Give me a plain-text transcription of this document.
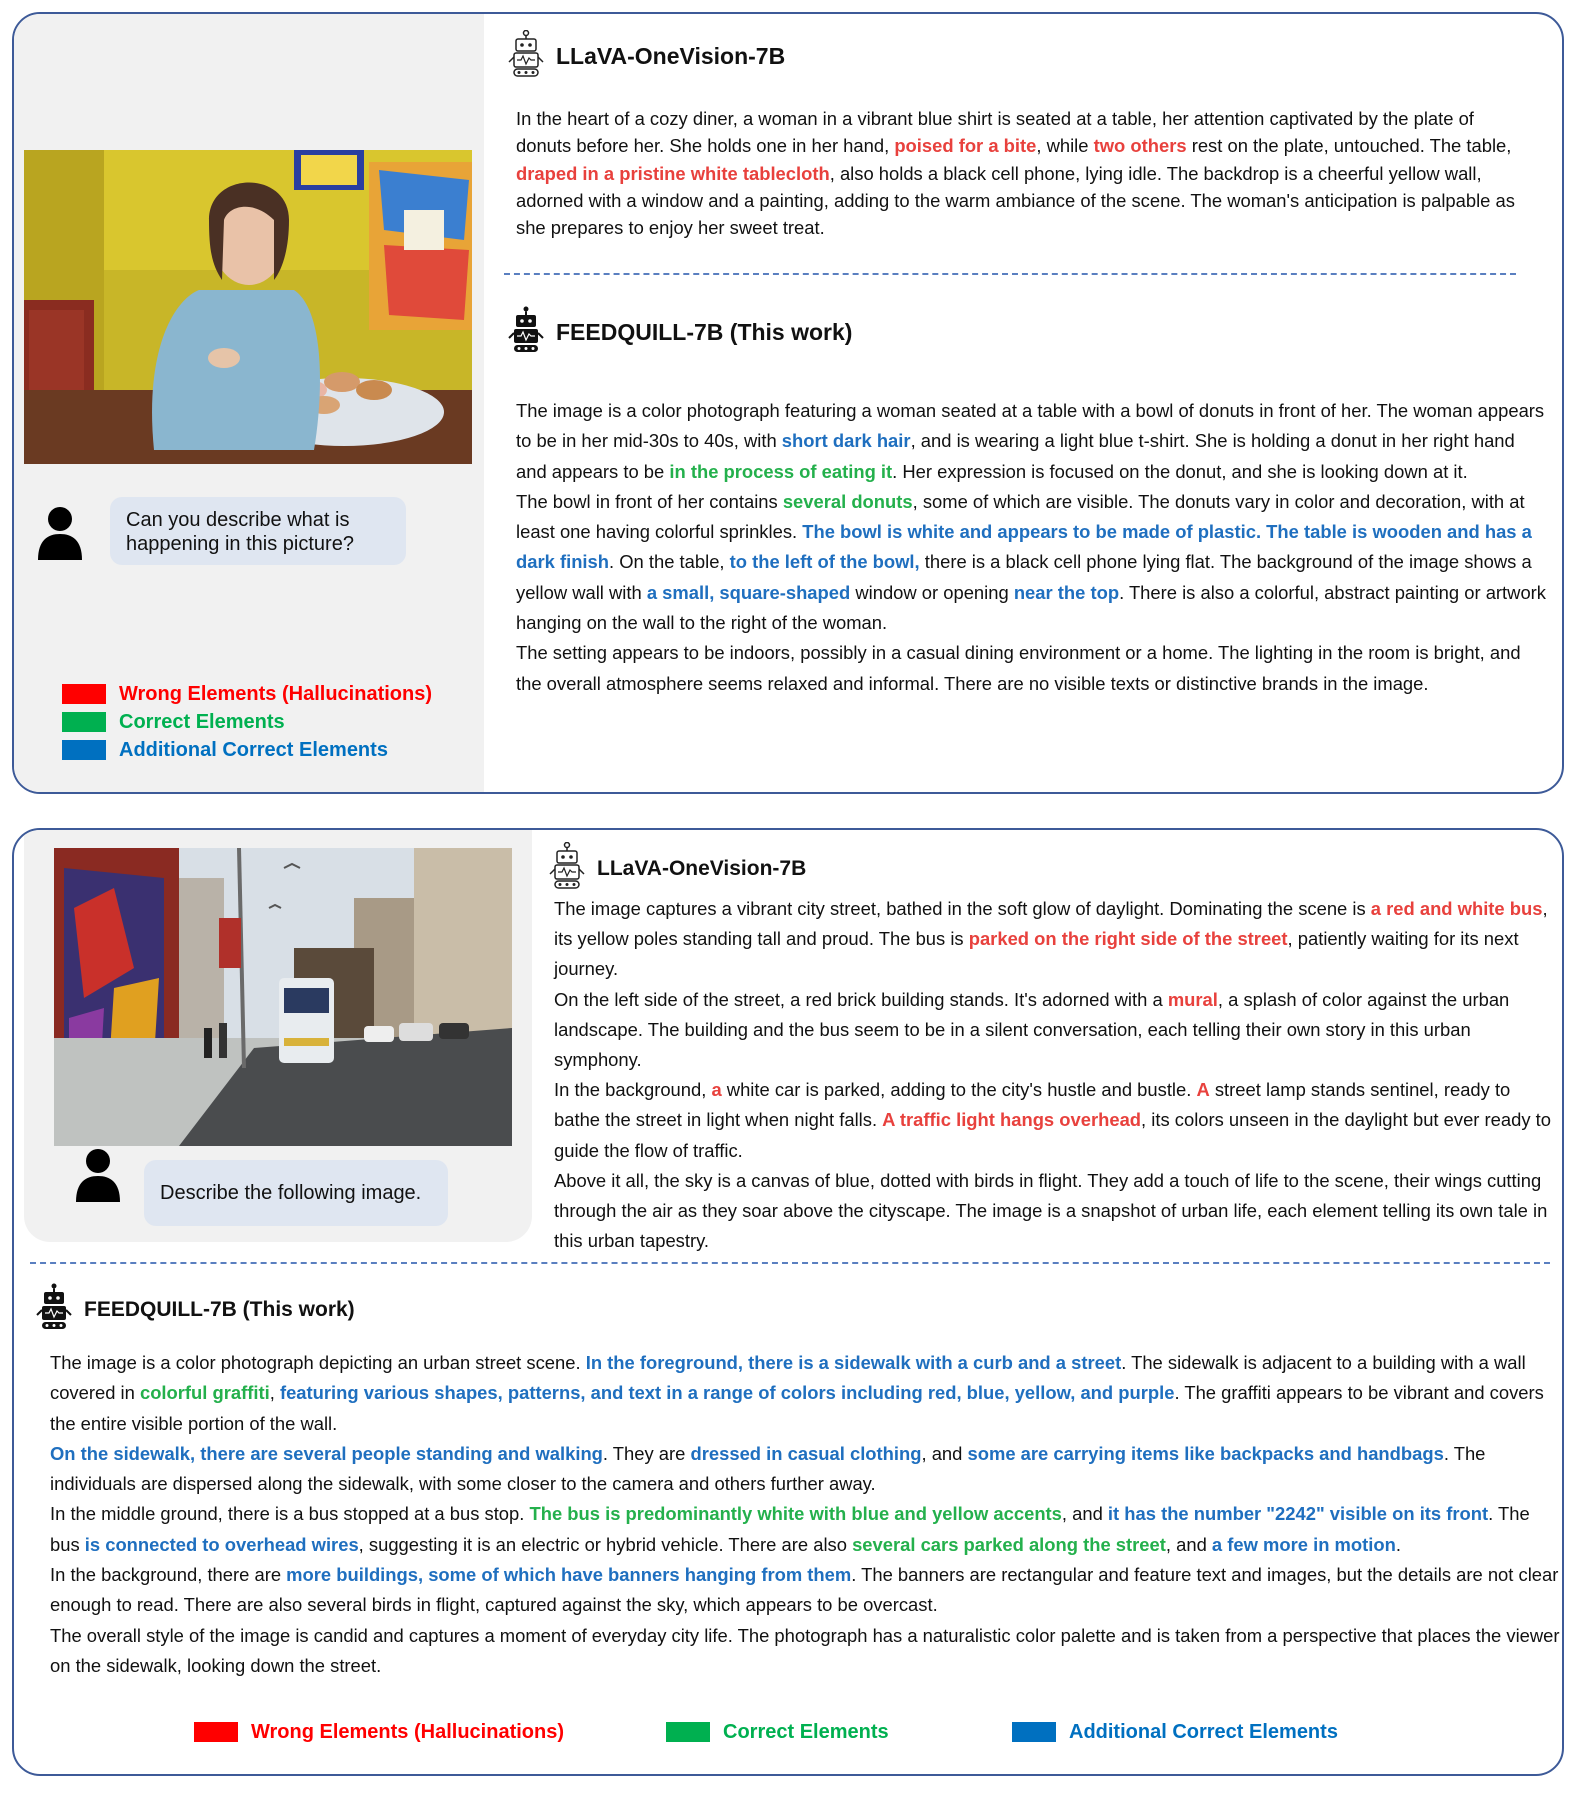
Can you describe what is happening in this picture?
Wrong Elements (Hallucinations)
Correct Elements
Additional Correct Elements
LLaVA-OneVision-7B

In the heart of a cozy diner, a woman in a vibrant blue shirt is seated at a table, her attention captivated by the plate of donuts before her. She holds one in her hand, poised for a bite, while two others rest on the plate, untouched. The table, draped in a pristine white tablecloth, also holds a black cell phone, lying idle. The backdrop is a cheerful yellow wall, adorned with a window and a painting, adding to the warm ambiance of the scene. The woman's anticipation is palpable as she prepares to enjoy her sweet treat.

FEEDQUILL-7B (This work)

The image is a color photograph featuring a woman seated at a table with a bowl of donuts in front of her. The woman appears to be in her mid-30s to 40s, with short dark hair, and is wearing a light blue t-shirt. She is holding a donut in her right hand and appears to be in the process of eating it. Her expression is focused on the donut, and she is looking down at it.

The bowl in front of her contains several donuts, some of which are visible. The donuts vary in color and decoration, with at least one having colorful sprinkles. The bowl is white and appears to be made of plastic. The table is wooden and has a dark finish. On the table, to the left of the bowl, there is a black cell phone lying flat. The background of the image shows a yellow wall with a small, square-shaped window or opening near the top. There is also a colorful, abstract painting or artwork hanging on the wall to the right of the woman.

The setting appears to be indoors, possibly in a casual dining environment or a home. The lighting in the room is bright, and the overall atmosphere seems relaxed and informal. There are no visible texts or distinctive brands in the image.

Describe the following image.
LLaVA-OneVision-7B

The image captures a vibrant city street, bathed in the soft glow of daylight. Dominating the scene is a red and white bus, its yellow poles standing tall and proud. The bus is parked on the right side of the street, patiently waiting for its next journey.

On the left side of the street, a red brick building stands. It's adorned with a mural, a splash of color against the urban landscape. The building and the bus seem to be in a silent conversation, each telling their own story in this urban symphony.

In the background, a white car is parked, adding to the city's hustle and bustle. A street lamp stands sentinel, ready to bathe the street in light when night falls. A traffic light hangs overhead, its colors unseen in the daylight but ever ready to guide the flow of traffic.

Above it all, the sky is a canvas of blue, dotted with birds in flight. They add a touch of life to the scene, their wings cutting through the air as they soar above the cityscape. The image is a snapshot of urban life, each element telling its own tale in this urban tapestry.

FEEDQUILL-7B (This work)

The image is a color photograph depicting an urban street scene. In the foreground, there is a sidewalk with a curb and a street. The sidewalk is adjacent to a building with a wall covered in colorful graffiti, featuring various shapes, patterns, and text in a range of colors including red, blue, yellow, and purple. The graffiti appears to be vibrant and covers the entire visible portion of the wall.

On the sidewalk, there are several people standing and walking. They are dressed in casual clothing, and some are carrying items like backpacks and handbags. The individuals are dispersed along the sidewalk, with some closer to the camera and others further away.

In the middle ground, there is a bus stopped at a bus stop. The bus is predominantly white with blue and yellow accents, and it has the number "2242" visible on its front. The bus is connected to overhead wires, suggesting it is an electric or hybrid vehicle. There are also several cars parked along the street, and a few more in motion.

In the background, there are more buildings, some of which have banners hanging from them. The banners are rectangular and feature text and images, but the details are not clear enough to read. There are also several birds in flight, captured against the sky, which appears to be overcast.

The overall style of the image is candid and captures a moment of everyday city life. The photograph has a naturalistic color palette and is taken from a perspective that places the viewer on the sidewalk, looking down the street.

Wrong Elements (Hallucinations)	Correct Elements	Additional Correct Elements
